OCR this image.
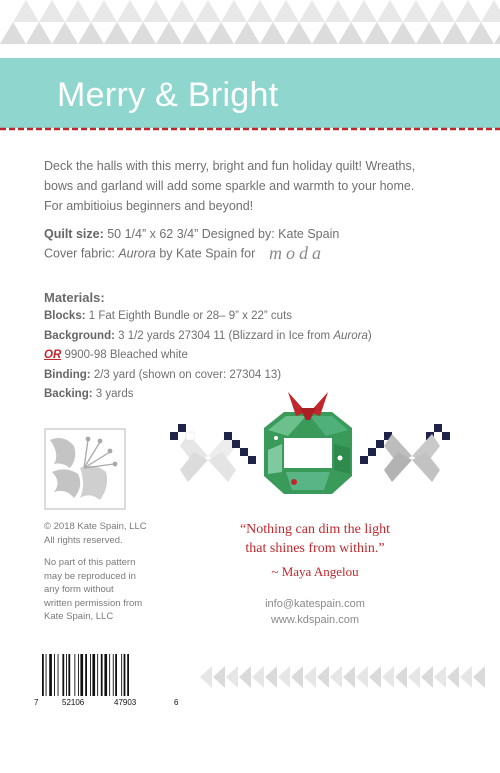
Merry & Bright
Deck the halls with this merry, bright and fun holiday quilt! Wreaths,
bows and garland will add some sparkle and warmth to your home.
For ambitioius beginners and beyond!
Quilt size: 50 1/4” x 62 3/4” Designed by: Kate Spain
Cover fabric: Aurora by Kate Spain for moda
Materials:
Blocks: 1 Fat Eighth Bundle or 28– 9” x 22” cuts
Background: 3 1/2 yards 27304 11 (Blizzard in Ice from Aurora)
OR 9900-98 Bleached white
Binding: 2/3 yard (shown on cover: 27304 13)
Backing: 3 yards
© 2018 Kate Spain, LLC
All rights reserved.
No part of this pattern
may be reproduced in
any form without
written permission from
Kate Spain, LLC
“Nothing can dim the light
that shines from within.”
~ Maya Angelou
info@katespain.com
www.kdspain.com
7	52106	47903	6
